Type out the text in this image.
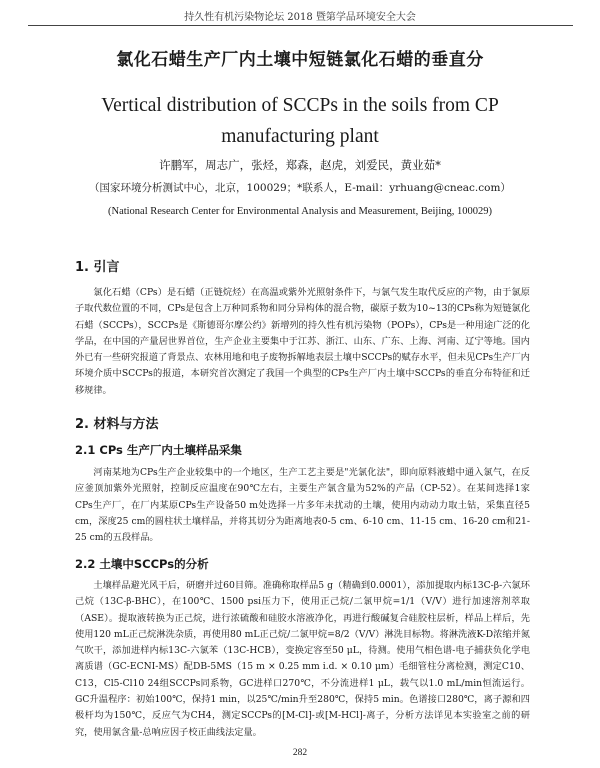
持久性有机污染物论坛 2018 暨第学品环境安全大会
氯化石蜡生产厂内土壤中短链氯化石蜡的垂直分
Vertical distribution of SCCPs in the soils from CP
manufacturing plant
许鹏军，周志广，张烃，郑森，赵虎，刘爱民，黄业茹*
（国家环境分析测试中心，北京，100029；*联系人，E-mail：yrhuang@cneac.com）
(National Research Center for Environmental Analysis and Measurement, Beijing, 100029)
1. 引言
氯化石蜡（CPs）是石蜡（正链烷烃）在高温或紫外光照射条件下，与氯气发生取代反应的产物，由于氯原子取代数位置的不同，CPs是包含上万种同系物和同分异构体的混合物，碳原子数为10~13的CPs称为短链氯化石蜡（SCCPs），SCCPs是《斯德哥尔摩公约》新增列的持久性有机污染物（POPs），CPs是一种用途广泛的化学品，在中国的产量居世界首位，生产企业主要集中于江苏、浙江、山东、广东、上海、河南、辽宁等地。国内外已有一些研究报道了背景点、农林用地和电子废物拆解地表层土壤中SCCPs的赋存水平，但未见CPs生产厂内环境介质中SCCPs的报道，本研究首次测定了我国一个典型的CPs生产厂内土壤中SCCPs的垂直分布特征和迁移规律。
2. 材料与方法
2.1 CPs 生产厂内土壤样品采集
河南某地为CPs生产企业较集中的一个地区，生产工艺主要是"光氯化法"，即向原料液蜡中通入氯气，在反应釜顶加紫外光照射，控制反应温度在90℃左右，主要生产氯含量为52%的产品（CP-52）。在某间选择1家CPs生产厂，在厂内某原CPs生产设备50 m处选择一片多年未扰动的土壤，使用内动动力取土钻，采集直径5 cm，深度25 cm的圆柱状土壤样品，并将其切分为距离地表0-5 cm、6-10 cm、11-15 cm、16-20 cm和21-25 cm的五段样品。
2.2 土壤中SCCPs的分析
土壤样品避光风干后，研磨并过60目筛。准确称取样品5 g（精确到0.0001），添加提取内标13C-β-六氯环己烷（13C-β-BHC），在100℃、1500 psi压力下，使用正己烷/二氯甲烷=1/1（V/V）进行加速溶剂萃取（ASE）。提取液转换为正己烷，进行浓硫酸和硅胶水溶液净化，再进行酸碱复合硅胶柱层析，样品上样后，先使用120 mL正己烷淋洗杂质，再使用80 mL正己烷/二氯甲烷=8/2（V/V）淋洗目标物。将淋洗液K-D浓缩并氮气吹干，添加进样内标13C-六氯苯（13C-HCB），变换定容至50 μL，待测。使用气相色谱-电子捕获负化学电离质谱（GC-ECNI-MS）配DB-5MS（15 m × 0.25 mm i.d. × 0.10 μm）毛细管柱分离检测，测定C10、C13，Cl5-Cl10 24组SCCPs同系物，GC进样口270℃，不分流进样1 μL，载气以1.0 mL/min恒流运行。GC升温程序：初始100℃，保持1 min，以25℃/min升至280℃，保持5 min。色谱接口280℃，离子源和四极杆均为150℃，反应气为CH4，测定SCCPs的[M-Cl]-或[M-HCl]-离子，分析方法详见本实验室之前的研究，使用氯含量-总响应因子校正曲线法定量。
282
